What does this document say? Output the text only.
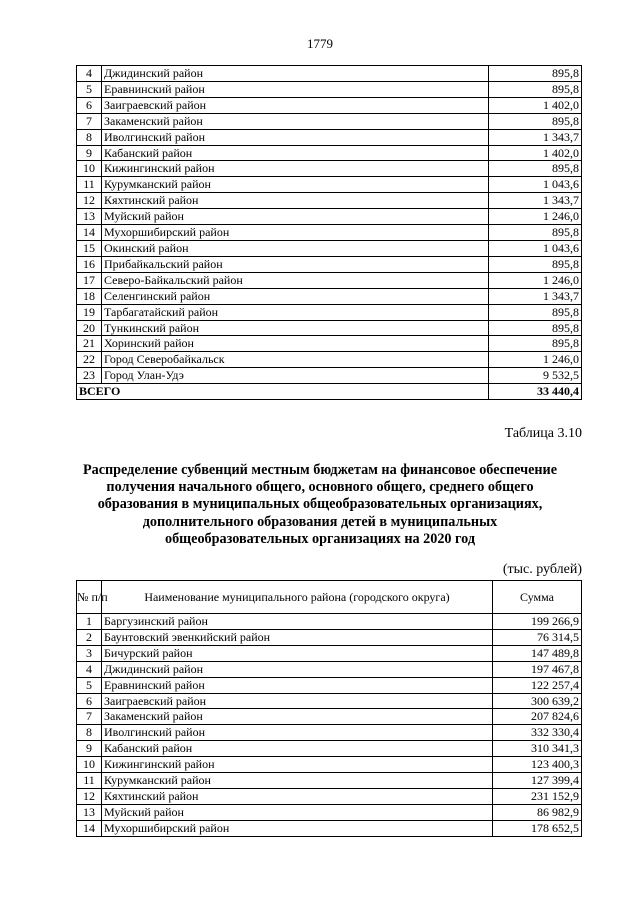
1779
4	Джидинский район	895,8
5	Еравнинский район	895,8
6	Заиграевский район	1 402,0
7	Закаменский район	895,8
8	Иволгинский район	1 343,7
9	Кабанский район	1 402,0
10	Кижингинский район	895,8
11	Курумканский район	1 043,6
12	Кяхтинский район	1 343,7
13	Муйский район	1 246,0
14	Мухоршибирский район	895,8
15	Окинский район	1 043,6
16	Прибайкальский район	895,8
17	Северо-Байкальский район	1 246,0
18	Селенгинский район	1 343,7
19	Тарбагатайский район	895,8
20	Тункинский район	895,8
21	Хоринский район	895,8
22	Город Северобайкальск	1 246,0
23	Город Улан-Удэ	9 532,5
ВСЕГО		33 440,4
Таблица 3.10
Распределение субвенций местным бюджетам на финансовое обеспечение получения начального общего, основного общего, среднего общего образования в муниципальных общеобразовательных организациях, дополнительного образования детей в муниципальных общеобразовательных организациях на 2020 год
(тыс. рублей)
№ п/п	Наименование муниципального района (городского округа)	Сумма
1	Баргузинский район	199 266,9
2	Баунтовский эвенкийский район	76 314,5
3	Бичурский район	147 489,8
4	Джидинский район	197 467,8
5	Еравнинский район	122 257,4
6	Заиграевский район	300 639,2
7	Закаменский район	207 824,6
8	Иволгинский район	332 330,4
9	Кабанский район	310 341,3
10	Кижингинский район	123 400,3
11	Курумканский район	127 399,4
12	Кяхтинский район	231 152,9
13	Муйский район	86 982,9
14	Мухоршибирский район	178 652,5
